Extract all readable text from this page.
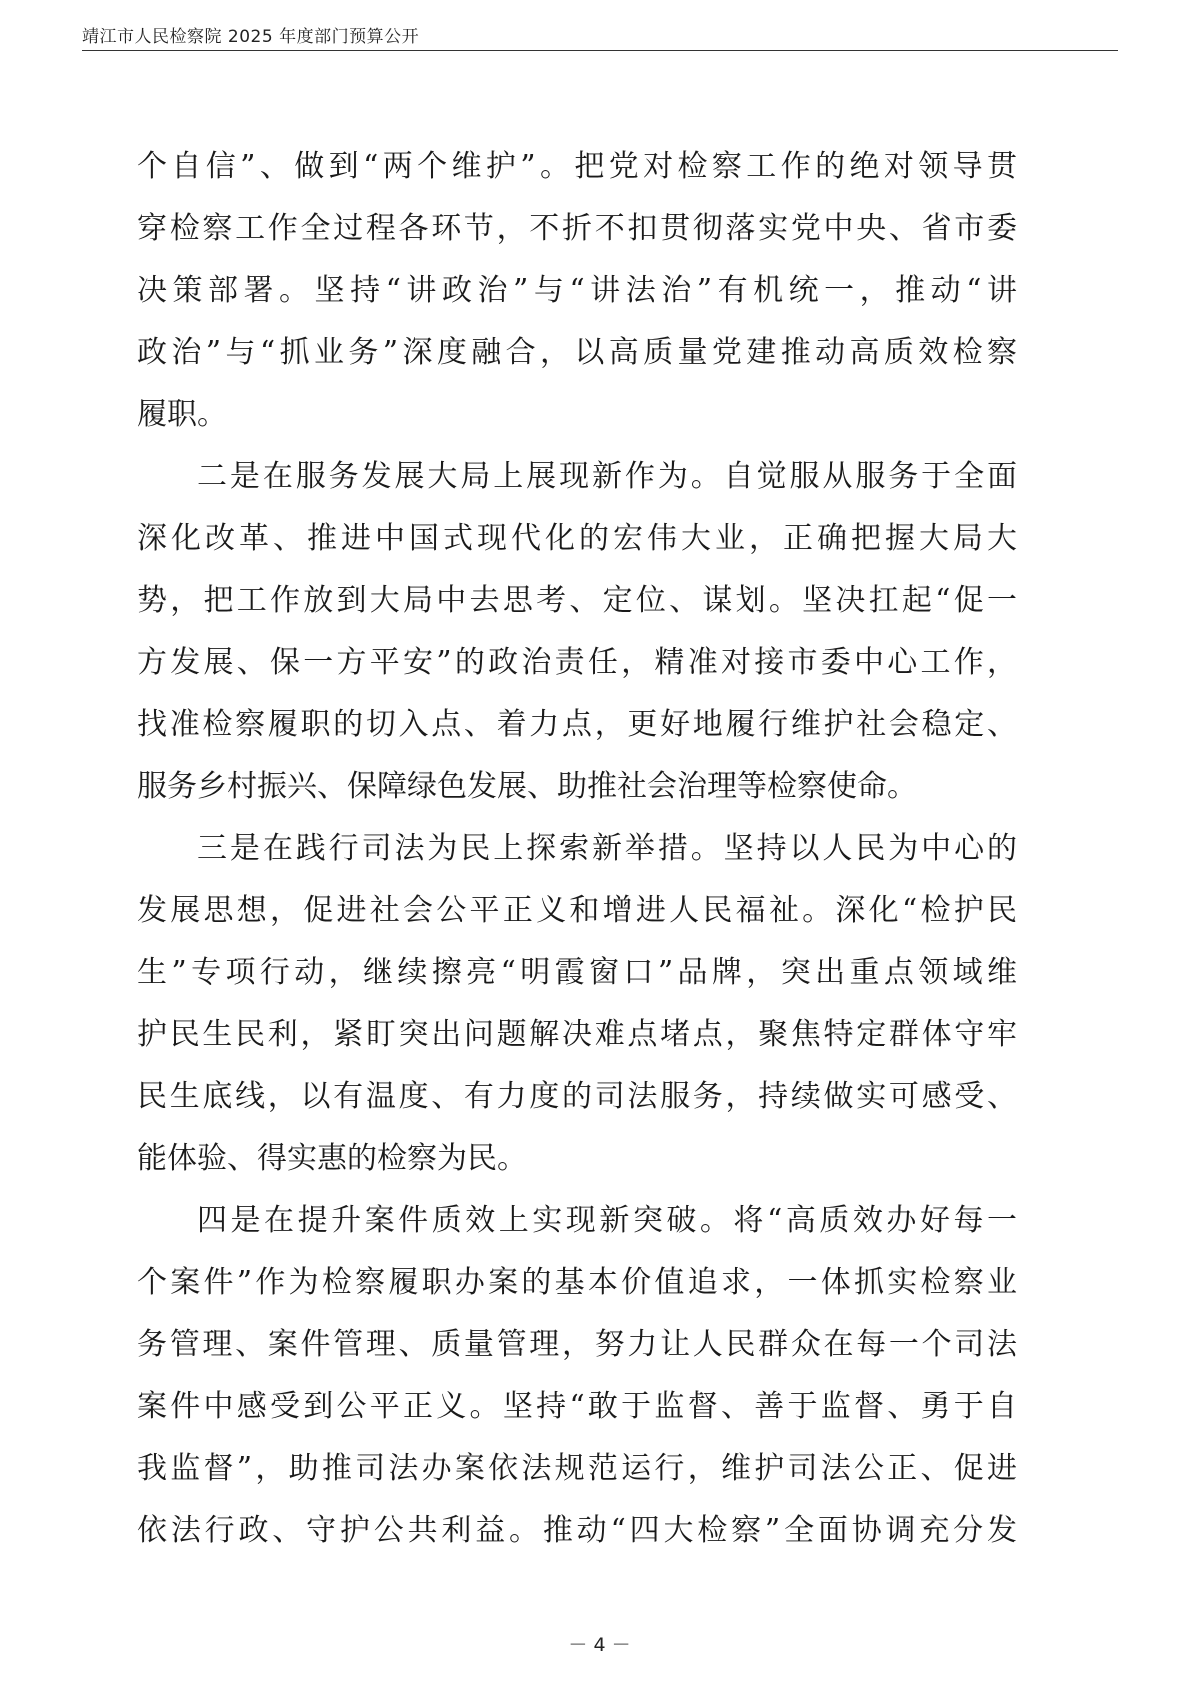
靖江市人民检察院 2025 年度部门预算公开
个自信”、做到“两个维护”。把党对检察工作的绝对领导贯
穿检察工作全过程各环节，不折不扣贯彻落实党中央、省市委
决策部署。坚持“讲政治”与“讲法治”有机统一，推动“讲
政治”与“抓业务”深度融合，以高质量党建推动高质效检察
履职。
二是在服务发展大局上展现新作为。自觉服从服务于全面
深化改革、推进中国式现代化的宏伟大业，正确把握大局大
势，把工作放到大局中去思考、定位、谋划。坚决扛起“促一
方发展、保一方平安”的政治责任，精准对接市委中心工作，
找准检察履职的切入点、着力点，更好地履行维护社会稳定、
服务乡村振兴、保障绿色发展、助推社会治理等检察使命。
三是在践行司法为民上探索新举措。坚持以人民为中心的
发展思想，促进社会公平正义和增进人民福祉。深化“检护民
生”专项行动，继续擦亮“明霞窗口”品牌，突出重点领域维
护民生民利，紧盯突出问题解决难点堵点，聚焦特定群体守牢
民生底线，以有温度、有力度的司法服务，持续做实可感受、
能体验、得实惠的检察为民。
四是在提升案件质效上实现新突破。将“高质效办好每一
个案件”作为检察履职办案的基本价值追求，一体抓实检察业
务管理、案件管理、质量管理，努力让人民群众在每一个司法
案件中感受到公平正义。坚持“敢于监督、善于监督、勇于自
我监督”，助推司法办案依法规范运行，维护司法公正、促进
依法行政、守护公共利益。推动“四大检察”全面协调充分发
－ 4 －
